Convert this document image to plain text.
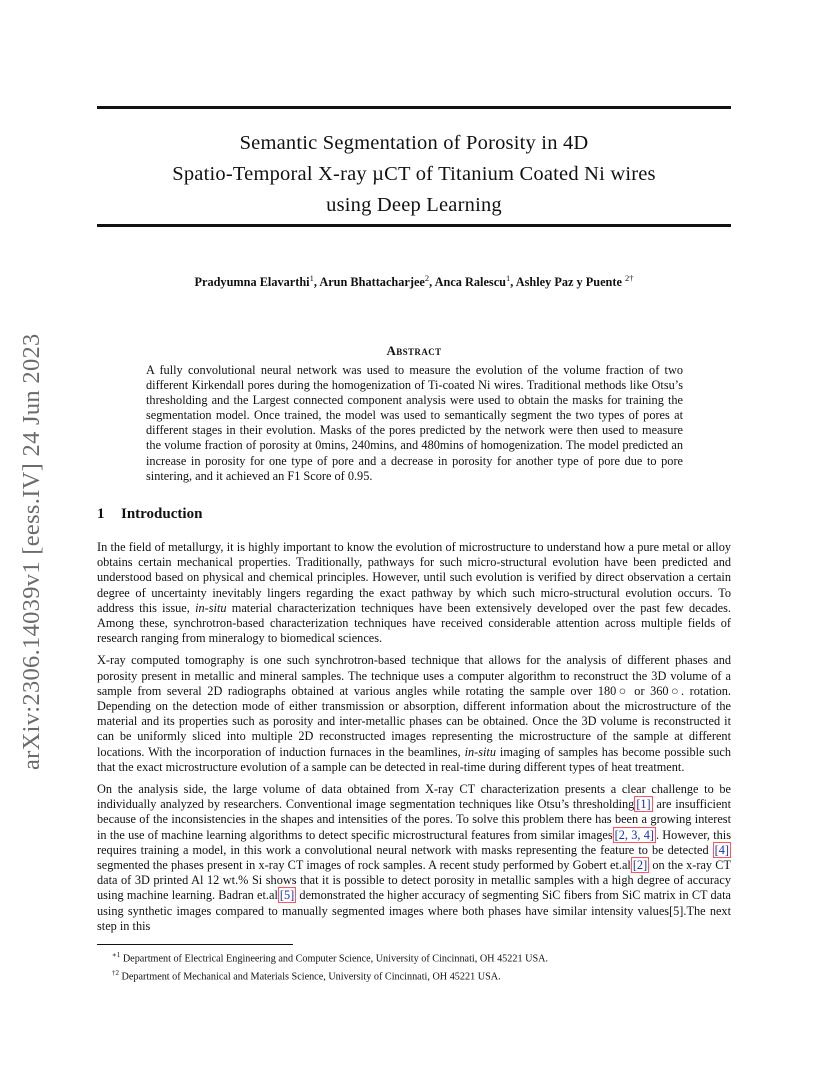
arXiv:2306.14039v1 [eess.IV] 24 Jun 2023
Semantic Segmentation of Porosity in 4D
Spatio-Temporal X-ray µCT of Titanium Coated Ni wires
using Deep Learning
Pradyumna Elavarthi$^1$, Arun Bhattacharjee$^2$, Anca Ralescu$^1$, Ashley Paz y Puente $^{2\dagger}$
Abstract
A fully convolutional neural network was used to measure the evolution of the volume fraction of two different Kirkendall pores during the homogenization of Ti-coated Ni wires. Traditional methods like Otsu’s thresholding and the Largest connected component analysis were used to obtain the masks for training the segmentation model. Once trained, the model was used to semantically segment the two types of pores at different stages in their evolution. Masks of the pores predicted by the network were then used to measure the volume fraction of porosity at 0mins, 240mins, and 480mins of homogenization. The model predicted an increase in porosity for one type of pore and a decrease in porosity for another type of pore due to pore sintering, and it achieved an F1 Score of 0.95.
1 Introduction

In the field of metallurgy, it is highly important to know the evolution of microstructure to understand how a pure metal or alloy obtains certain mechanical properties. Traditionally, pathways for such micro-structural evolution have been predicted and understood based on physical and chemical principles. However, until such evolution is verified by direct observation a certain degree of uncertainty inevitably lingers regarding the exact pathway by which such micro-structural evolution occurs. To address this issue, in-situ material characterization techniques have been extensively developed over the past few decades. Among these, synchrotron-based characterization techniques have received considerable attention across multiple fields of research ranging from mineralogy to biomedical sciences.

X-ray computed tomography is one such synchrotron-based technique that allows for the analysis of different phases and porosity present in metallic and mineral samples. The technique uses a computer algorithm to reconstruct the 3D volume of a sample from several 2D radiographs obtained at various angles while rotating the sample over 180○ or 360○. rotation. Depending on the detection mode of either transmission or absorption, different information about the microstructure of the material and its properties such as porosity and inter-metallic phases can be obtained. Once the 3D volume is reconstructed it can be uniformly sliced into multiple 2D reconstructed images representing the microstructure of the sample at different locations. With the incorporation of induction furnaces in the beamlines, in-situ imaging of samples has become possible such that the exact microstructure evolution of a sample can be detected in real-time during different types of heat treatment.

On the analysis side, the large volume of data obtained from X-ray CT characterization presents a clear challenge to be individually analyzed by researchers. Conventional image segmentation techniques like Otsu’s thresholding [1] are insufficient because of the inconsistencies in the shapes and intensities of the pores. To solve this problem there has been a growing interest in the use of machine learning algorithms to detect specific microstructural features from similar images [2, 3, 4] . However, this requires training a model, in this work a convolutional neural network with masks representing the feature to be detected [4] segmented the phases present in x-ray CT images of rock samples. A recent study performed by Gobert et.al [2] on the x-ray CT data of 3D printed Al 12 wt.% Si shows that it is possible to detect porosity in metallic samples with a high degree of accuracy using machine learning. Badran et.al [5] demonstrated the higher accuracy of segmenting SiC fibers from SiC matrix in CT data using synthetic images compared to manually segmented images where both phases have similar intensity values[5].The next step in this

$^{∗1}$ Department of Electrical Engineering and Computer Science, University of Cincinnati, OH 45221 USA.
$^{\dagger 2}$ Department of Mechanical and Materials Science, University of Cincinnati, OH 45221 USA.
